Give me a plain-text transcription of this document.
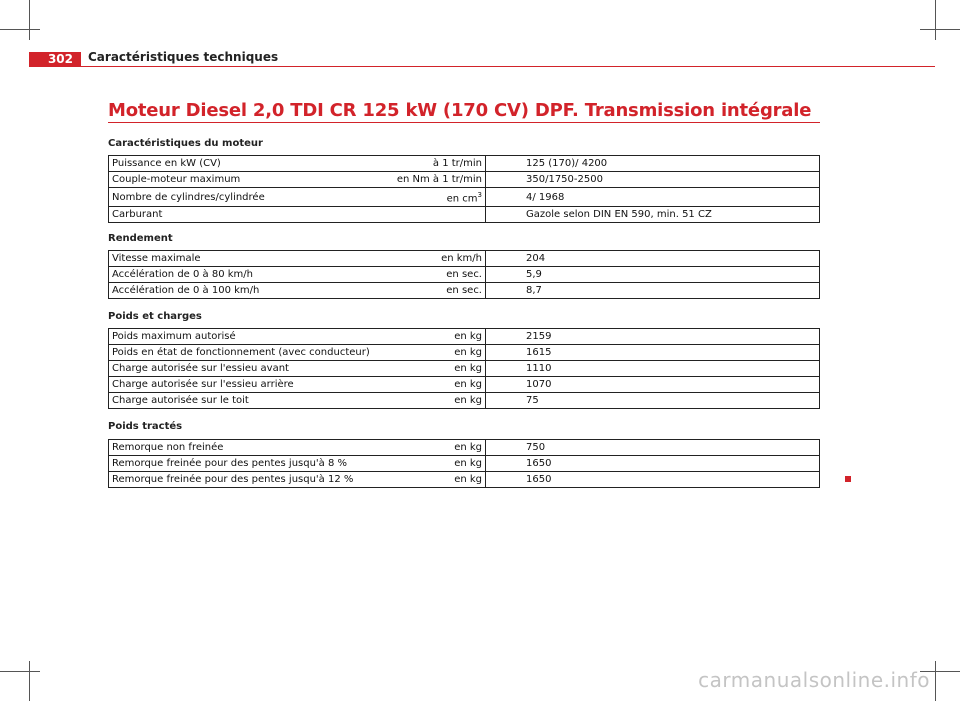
302	Caractéristiques techniques
Moteur Diesel 2,0 TDI CR 125 kW (170 CV) DPF. Transmission intégrale
Caractéristiques du moteur
Puissance en kW (CV)	à 1 tr/min	125 (170)/ 4200
Couple-moteur maximum	en Nm à 1 tr/min	350/1750-2500
Nombre de cylindres/cylindrée	en $cm^3$	4/ 1968
Carburant		Gazole selon DIN EN 590, min. 51 CZ
Rendement
Vitesse maximale	en km/h	204
Accélération de 0 à 80 km/h	en sec.	5,9
Accélération de 0 à 100 km/h	en sec.	8,7
Poids et charges
Poids maximum autorisé	en kg	2159
Poids en état de fonctionnement (avec conducteur)	en kg	1615
Charge autorisée sur l'essieu avant	en kg	1110
Charge autorisée sur l'essieu arrière	en kg	1070
Charge autorisée sur le toit	en kg	75
Poids tractés
Remorque non freinée	en kg	750
Remorque freinée pour des pentes jusqu'à 8 %	en kg	1650
Remorque freinée pour des pentes jusqu'à 12 %	en kg	1650
carmanualsonline.info
